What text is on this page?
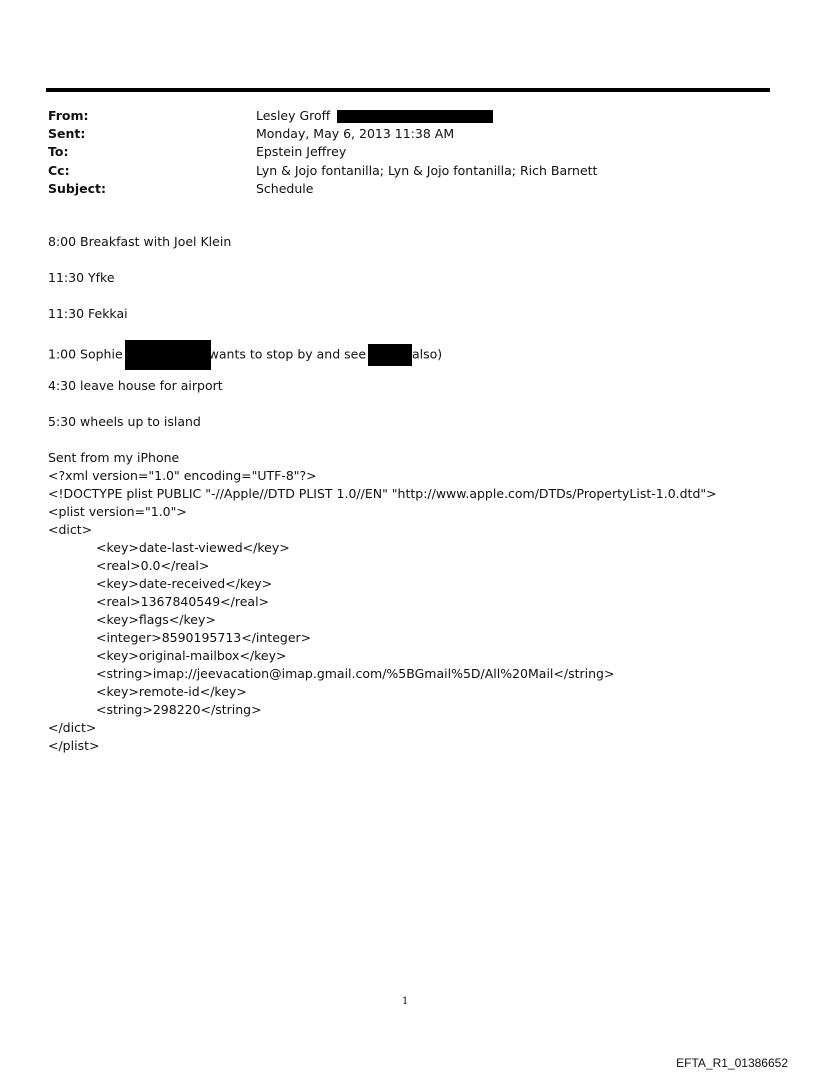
From:	Lesley Groff
Sent:	Monday, May 6, 2013 11:38 AM
To:	Epstein Jeffrey
Cc:	Lyn & Jojo fontanilla; Lyn & Jojo fontanilla; Rich Barnett
Subject:	Schedule
8:00 Breakfast with Joel Klein
11:30 Yfke
11:30 Fekkai
1:00 Sophie	wants to stop by and see	also)
4:30 leave house for airport
5:30 wheels up to island
Sent from my iPhone
<?xml version="1.0" encoding="UTF-8"?>
<!DOCTYPE plist PUBLIC "-//Apple//DTD PLIST 1.0//EN" "http://www.apple.com/DTDs/PropertyList-1.0.dtd">
<plist version="1.0">
<dict>
<key>date-last-viewed</key>
<real>0.0</real>
<key>date-received</key>
<real>1367840549</real>
<key>flags</key>
<integer>8590195713</integer>
<key>original-mailbox</key>
<string>imap://jeevacation@imap.gmail.com/%5BGmail%5D/All%20Mail</string>
<key>remote-id</key>
<string>298220</string>
</dict>
</plist>
1
EFTA_R1_01386652
